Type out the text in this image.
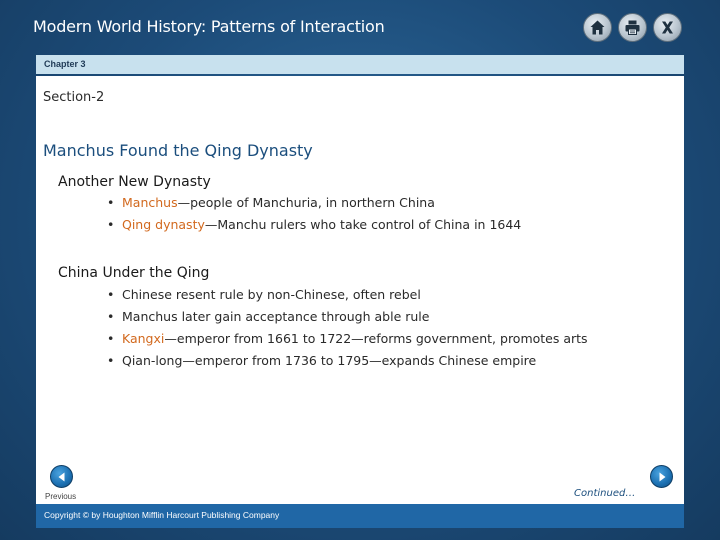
Modern World History: Patterns of Interaction
Chapter 3
Section-2
Manchus Found the Qing Dynasty
Another New Dynasty
• Manchus—people of Manchuria, in northern China
• Qing dynasty—Manchu rulers who take control of China in 1644
China Under the Qing
• Chinese resent rule by non-Chinese, often rebel
• Manchus later gain acceptance through able rule
• Kangxi—emperor from 1661 to 1722—reforms government, promotes arts
• Qian-long—emperor from 1736 to 1795—expands Chinese empire
Previous	Continued… Next
Copyright © by Houghton Mifflin Harcourt Publishing Company
